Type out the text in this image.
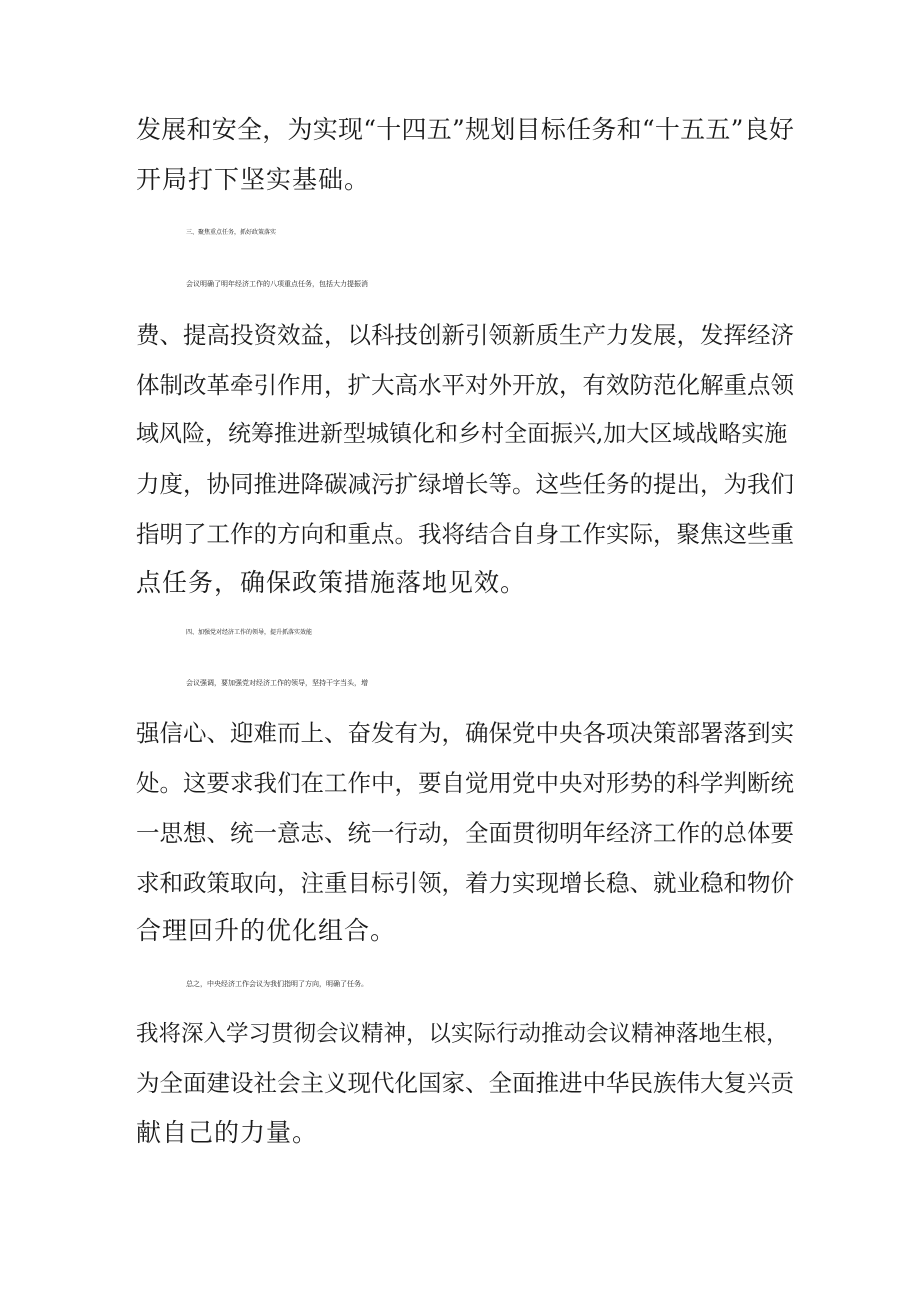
发展和安全，为实现“十四五”规划目标任务和“十五五”良好
开局打下坚实基础。
三、聚焦重点任务，抓好政策落实
会议明确了明年经济工作的八项重点任务，包括大力提振消
费、提高投资效益，以科技创新引领新质生产力发展，发挥经济
体制改革牵引作用，扩大高水平对外开放，有效防范化解重点领
域风险，统筹推进新型城镇化和乡村全面振兴,加大区域战略实施
力度，协同推进降碳减污扩绿增长等。这些任务的提出，为我们
指明了工作的方向和重点。我将结合自身工作实际，聚焦这些重
点任务，确保政策措施落地见效。
四、加强党对经济工作的领导，提升抓落实效能
会议强调，要加强党对经济工作的领导，坚持干字当头，增
强信心、迎难而上、奋发有为，确保党中央各项决策部署落到实
处。这要求我们在工作中，要自觉用党中央对形势的科学判断统
一思想、统一意志、统一行动，全面贯彻明年经济工作的总体要
求和政策取向，注重目标引领，着力实现增长稳、就业稳和物价
合理回升的优化组合。
总之，中央经济工作会议为我们指明了方向，明确了任务。
我将深入学习贯彻会议精神，以实际行动推动会议精神落地生根，
为全面建设社会主义现代化国家、全面推进中华民族伟大复兴贡
献自己的力量。
